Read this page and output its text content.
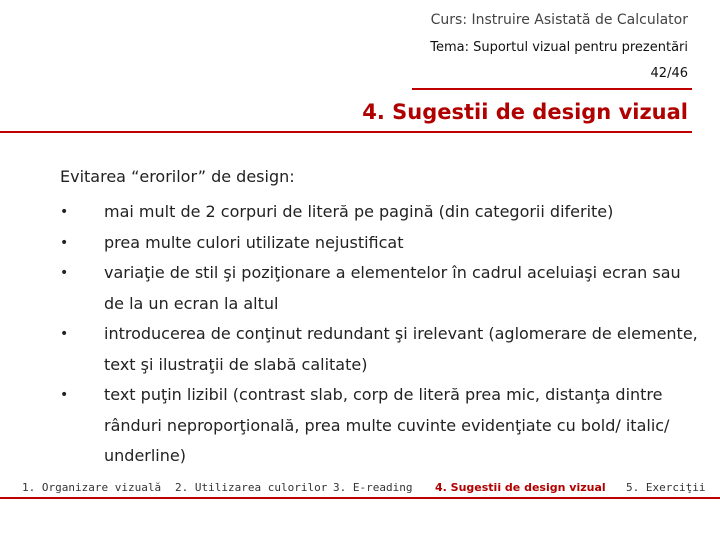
Curs: Instruire Asistată de Calculator
Tema: Suportul vizual pentru prezentări
42/46
4. Sugestii de design vizual
Evitarea “erorilor” de design:
• mai mult de 2 corpuri de literă pe pagină (din categorii diferite)
• prea multe culori utilizate nejustificat
• variaţie de stil şi poziţionare a elementelor în cadrul aceluiaşi ecran sau de la un ecran la altul
• introducerea de conţinut redundant şi irelevant (aglomerare de elemente, text şi ilustraţii de slabă calitate)
• text puţin lizibil (contrast slab, corp de literă prea mic, distanţa dintre rânduri neproporţională, prea multe cuvinte evidenţiate cu bold/ italic/ underline)
1. Organizare vizuală 2. Utilizarea culorilor 3. E-reading 4. Sugestii de design vizual 5. Exerciţii
